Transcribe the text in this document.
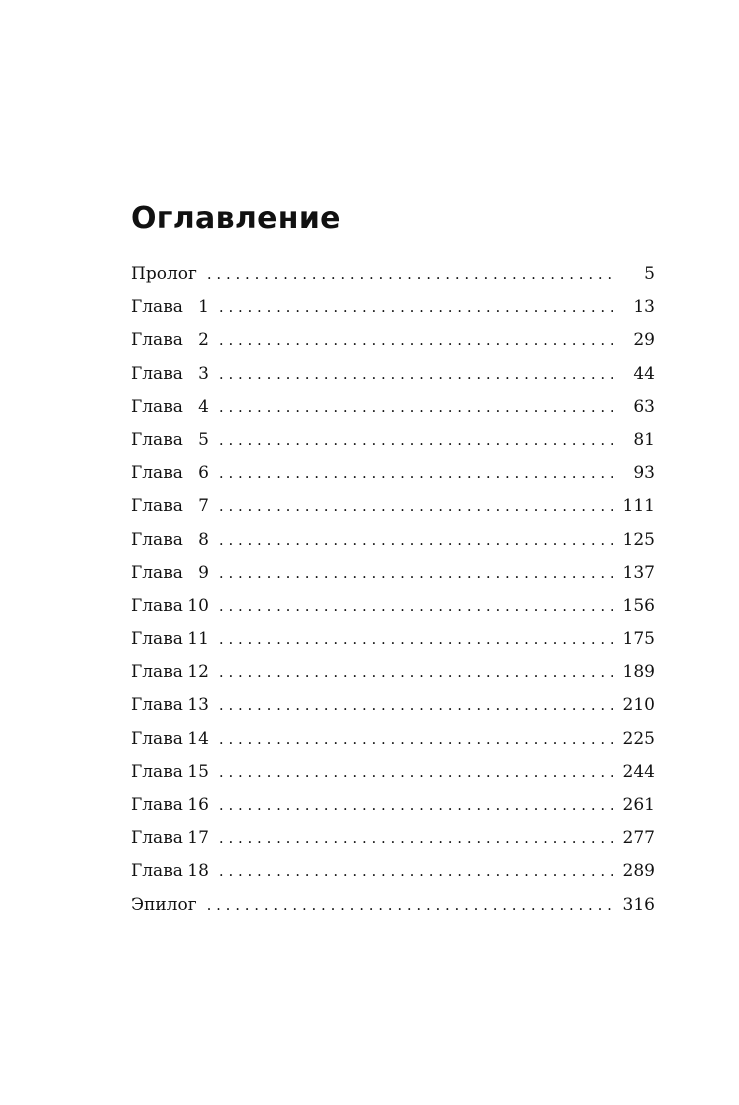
Оглавление
Пролог . . .	5
Глава 1 . . .	13
Глава 2 . . .	29
Глава 3 . . .	44
Глава 4 . . .	63
Глава 5 . . .	81
Глава 6 . . .	93
Глава 7 . . .	111
Глава 8 . . .	125
Глава 9 . . .	137
Глава 10 . . .	156
Глава 11 . . .	175
Глава 12 . . .	189
Глава 13 . . .	210
Глава 14 . . .	225
Глава 15 . . .	244
Глава 16 . . .	261
Глава 17 . . .	277
Глава 18 . . .	289
Эпилог . . .	316
